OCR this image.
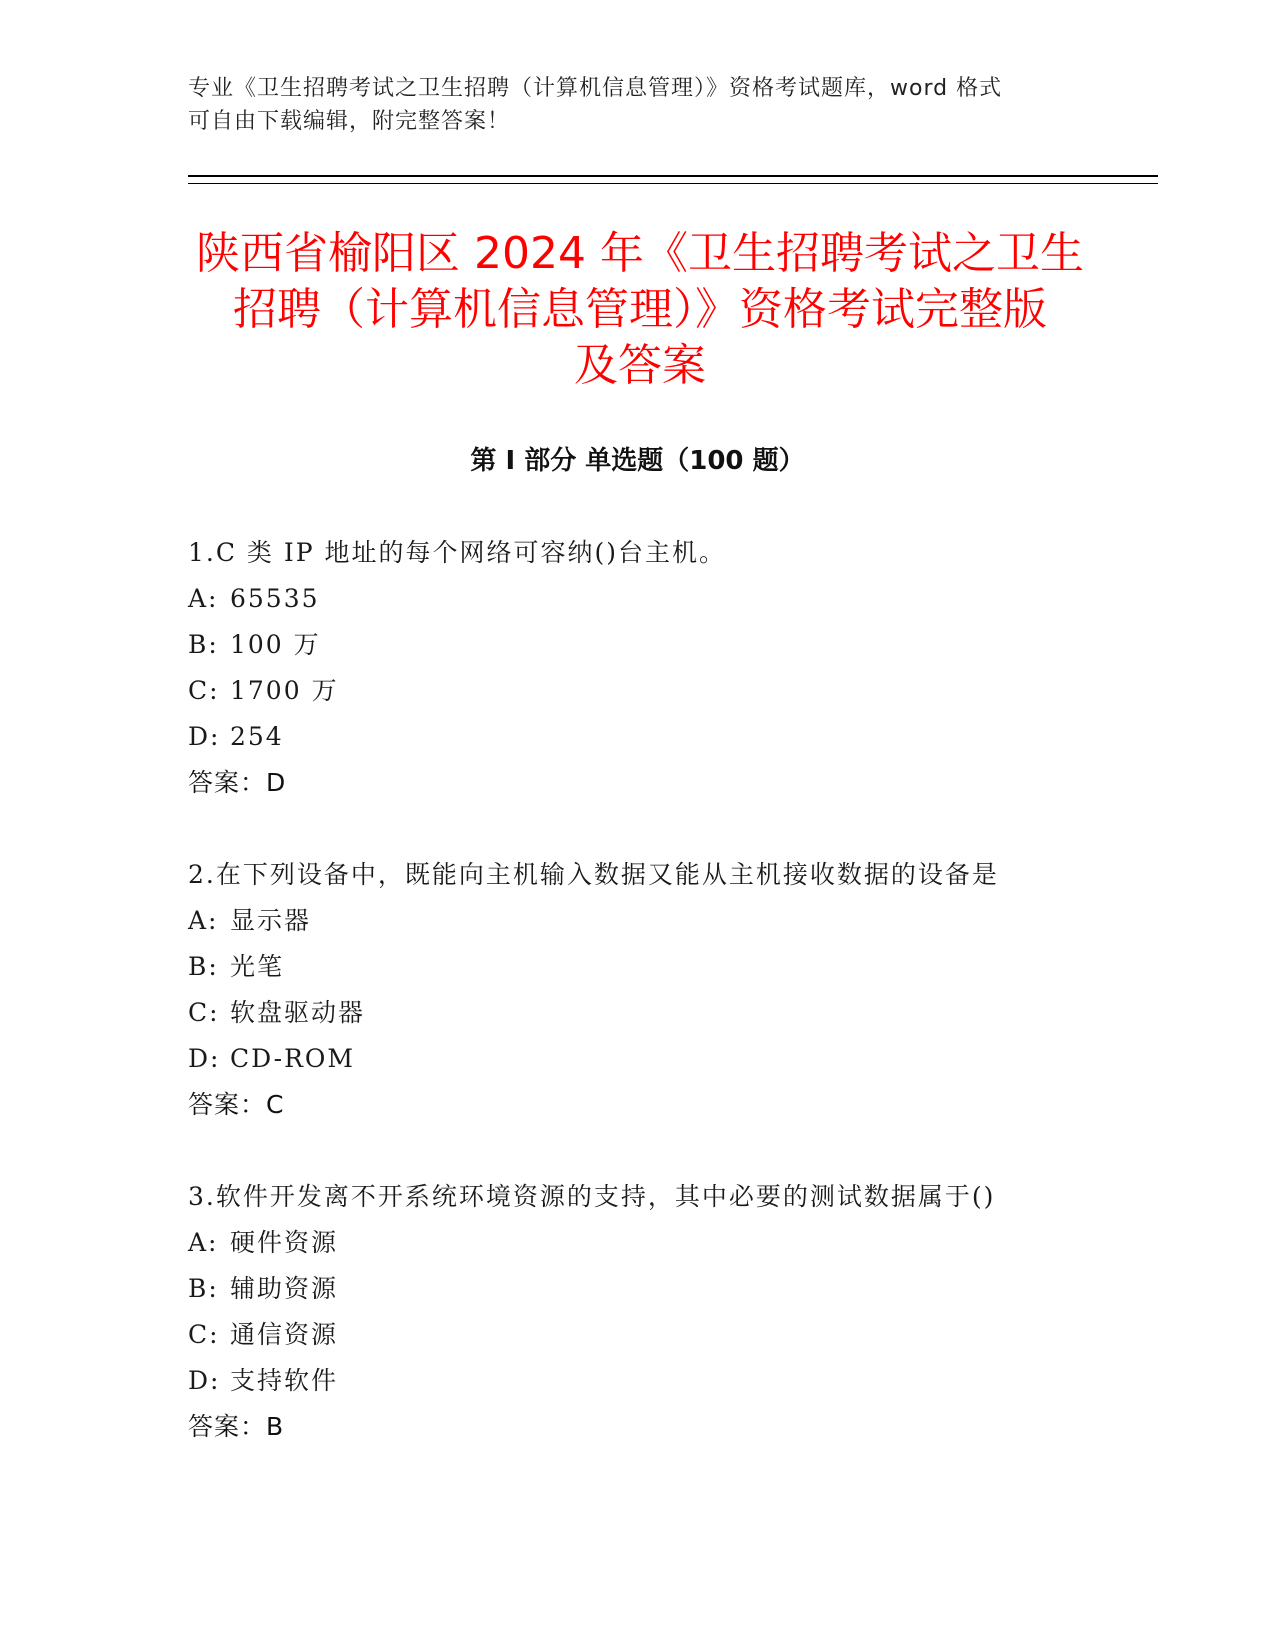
专业《卫生招聘考试之卫生招聘（计算机信息管理）》资格考试题库，word 格式
可自由下载编辑，附完整答案！
陕西省榆阳区 2024 年《卫生招聘考试之卫生
招聘（计算机信息管理）》资格考试完整版
及答案
第 I 部分 单选题（100 题）
1.C 类 IP 地址的每个网络可容纳()台主机。
A: 65535
B: 100 万
C: 1700 万
D: 254
答案：D
2.在下列设备中，既能向主机输入数据又能从主机接收数据的设备是
A: 显示器
B: 光笔
C: 软盘驱动器
D: CD-ROM
答案：C
3.软件开发离不开系统环境资源的支持，其中必要的测试数据属于()
A: 硬件资源
B: 辅助资源
C: 通信资源
D: 支持软件
答案：B
